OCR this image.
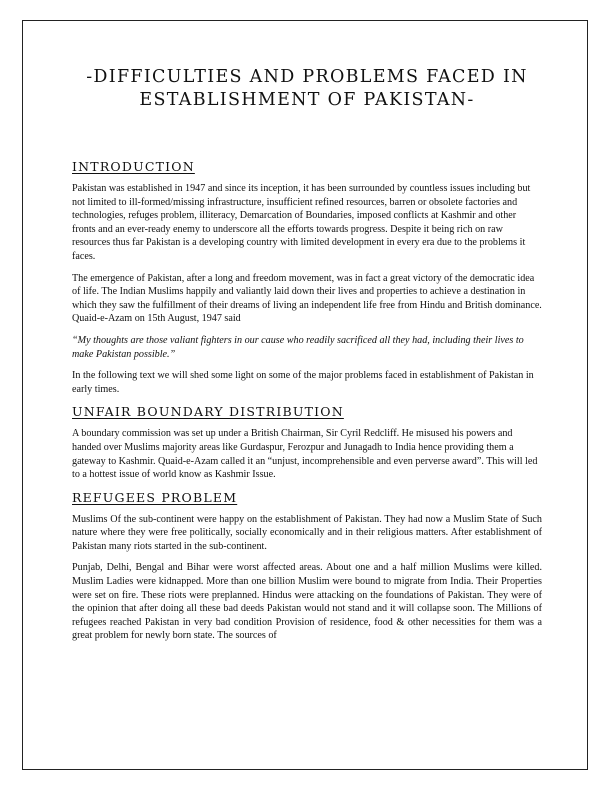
-DIFFICULTIES AND PROBLEMS FACED IN
ESTABLISHMENT OF PAKISTAN-
INTRODUCTION

Pakistan was established in 1947 and since its inception, it has been surrounded by countless issues including but not limited to ill-formed/missing infrastructure, insufficient refined resources, barren or obsolete factories and technologies, refuges problem, illiteracy, Demarcation of Boundaries, imposed conflicts at Kashmir and other fronts and an ever-ready enemy to underscore all the efforts towards progress. Despite it being rich on raw resources thus far Pakistan is a developing country with limited development in every era due to the problems it faces.

The emergence of Pakistan, after a long and freedom movement, was in fact a great victory of the democratic idea of life. The Indian Muslims happily and valiantly laid down their lives and properties to achieve a destination in which they saw the fulfillment of their dreams of living an independent life free from Hindu and British dominance. Quaid-e-Azam on 15th August, 1947 said

“My thoughts are those valiant fighters in our cause who readily sacrificed all they had, including their lives to make Pakistan possible.”

In the following text we will shed some light on some of the major problems faced in establishment of Pakistan in early times.

UNFAIR BOUNDARY DISTRIBUTION

A boundary commission was set up under a British Chairman, Sir Cyril Redcliff. He misused his powers and handed over Muslims majority areas like Gurdaspur, Ferozpur and Junagadh to India hence providing them a gateway to Kashmir. Quaid-e-Azam called it an “unjust, incomprehensible and even perverse award”. This will led to a hottest issue of world know as Kashmir Issue.

REFUGEES PROBLEM

Muslims Of the sub-continent were happy on the establishment of Pakistan. They had now a Muslim State of Such nature where they were free politically, socially economically and in their religious matters. After establishment of Pakistan many riots started in the sub-continent.

Punjab, Delhi, Bengal and Bihar were worst affected areas. About one and a half million Muslims were killed. Muslim Ladies were kidnapped. More than one billion Muslim were bound to migrate from India. Their Properties were set on fire. These riots were preplanned. Hindus were attacking on the foundations of Pakistan. They were of the opinion that after doing all these bad deeds Pakistan would not stand and it will collapse soon. The Millions of refugees reached Pakistan in very bad condition Provision of residence, food & other necessities for them was a great problem for newly born state. The sources of
